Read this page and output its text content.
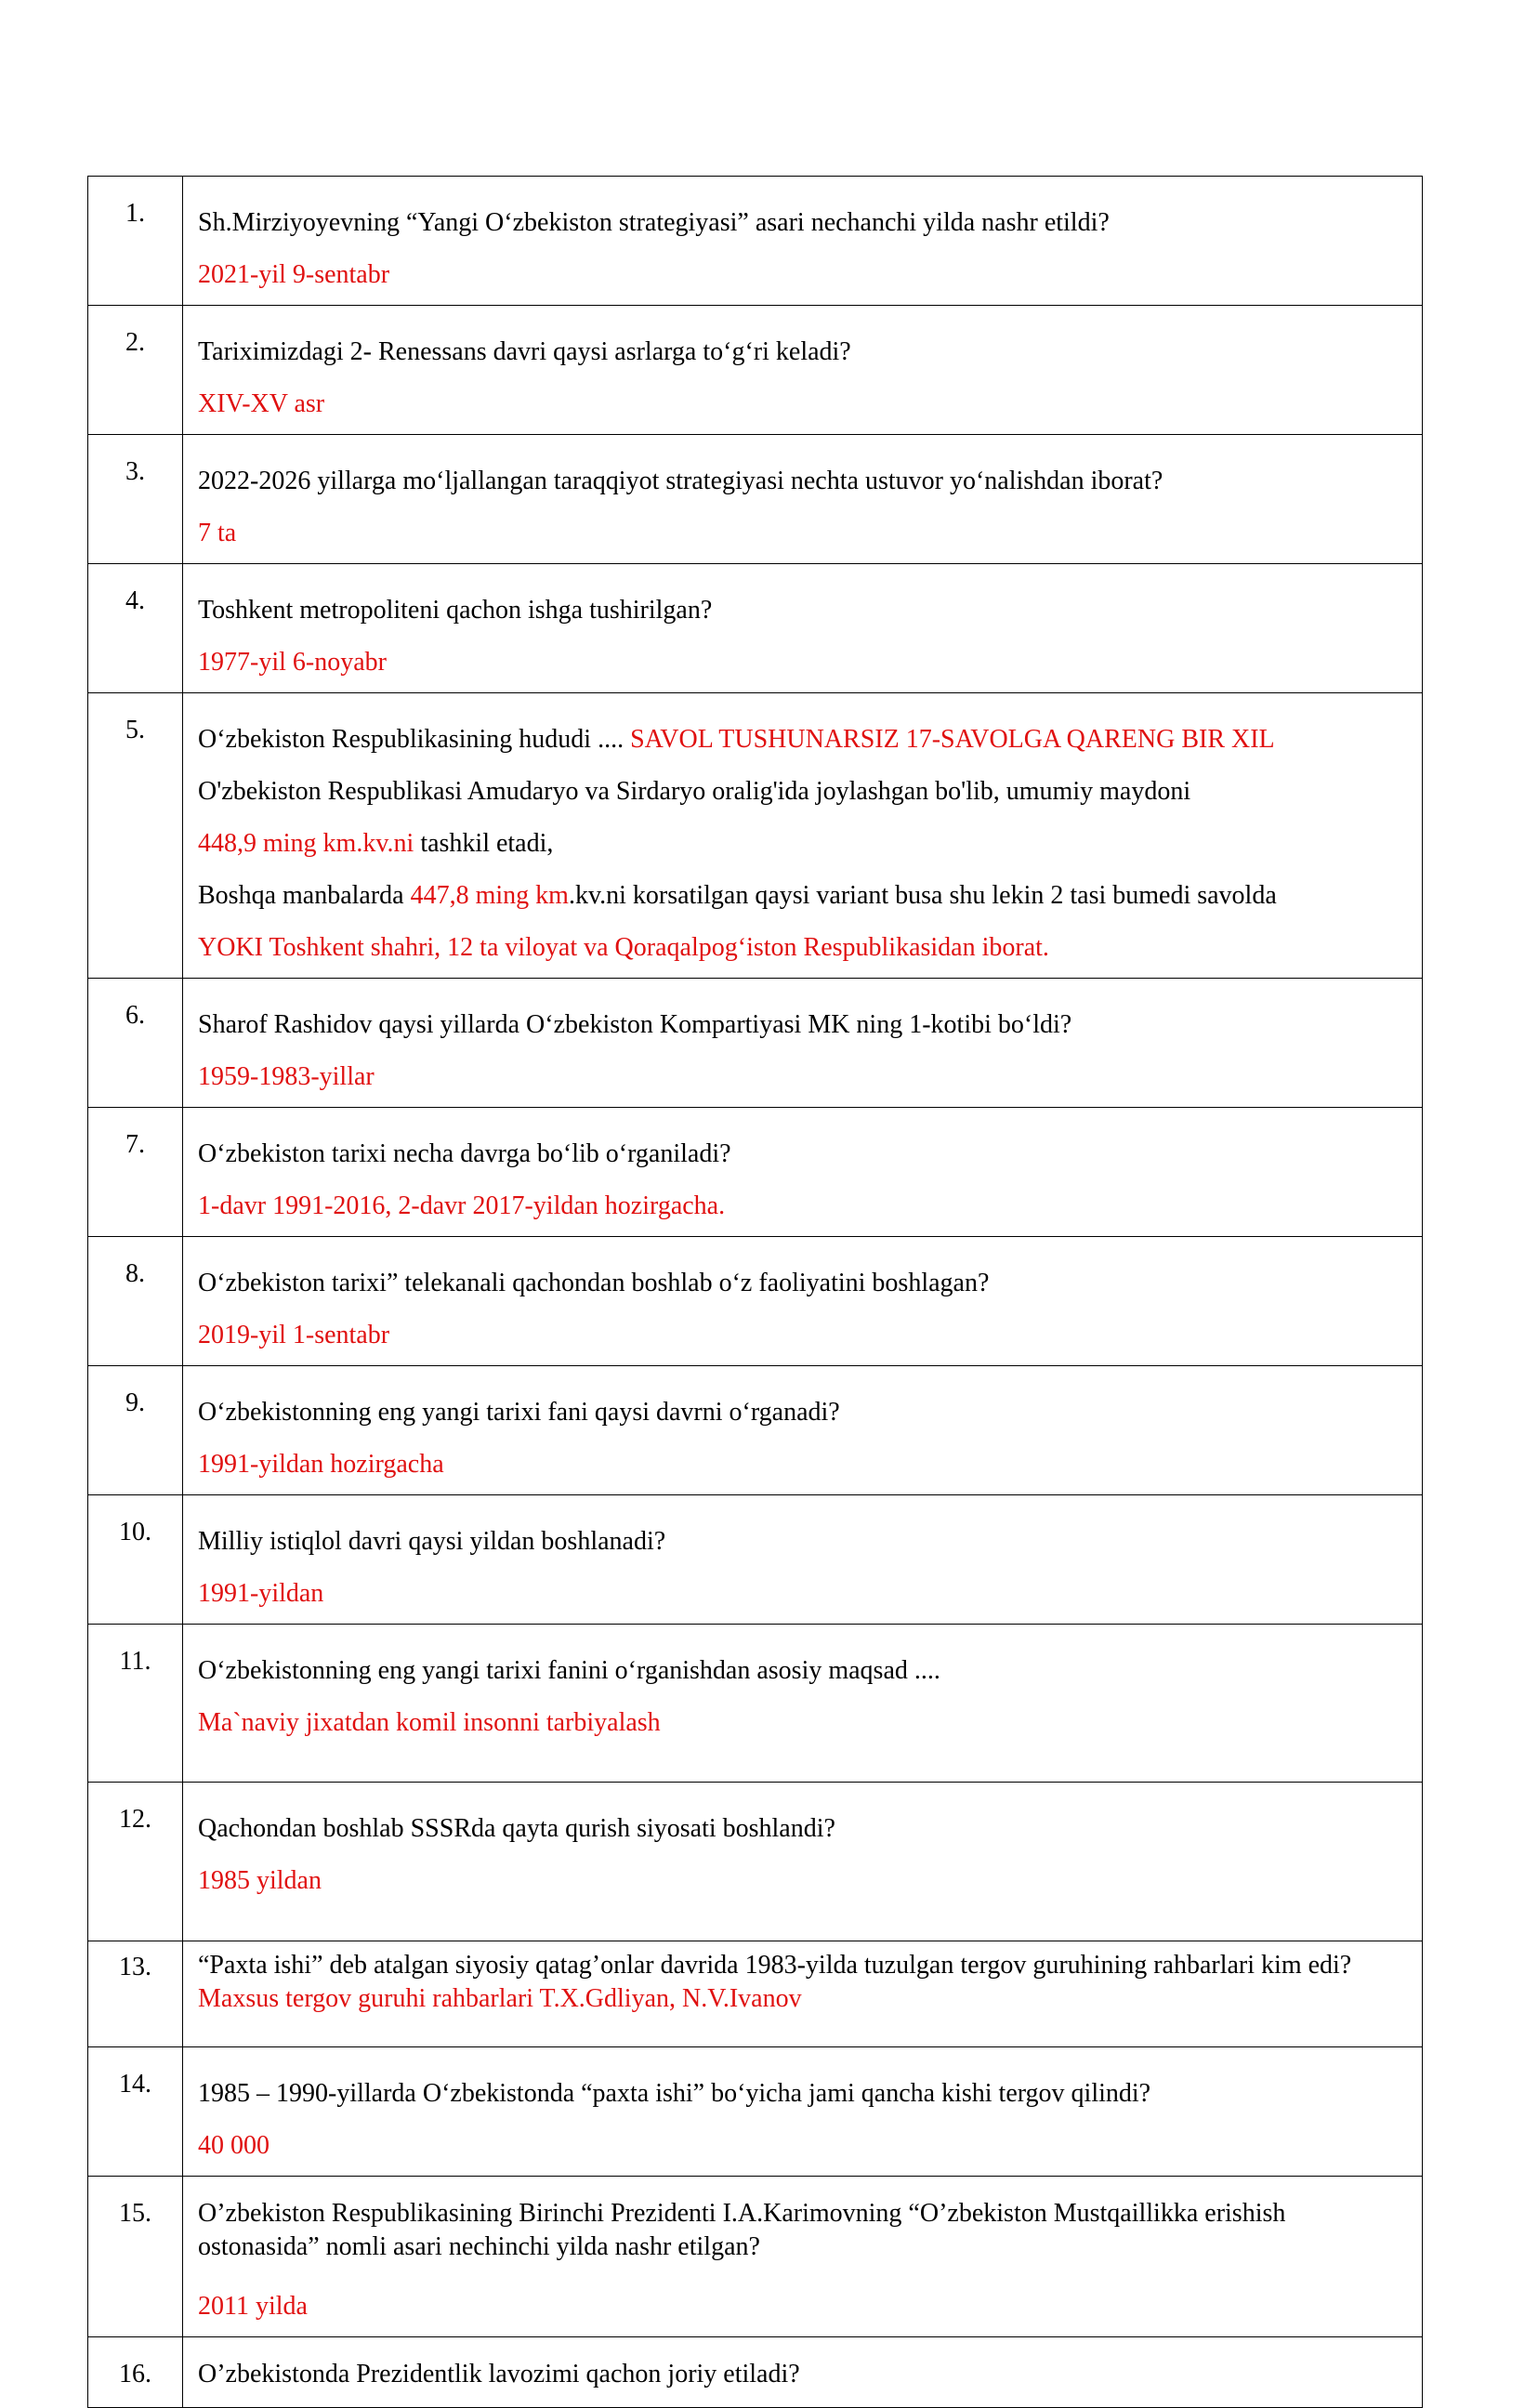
1.	Sh.Mirziyoyevning “Yangi O‘zbekiston strategiyasi” asari nechanchi yilda nashr etildi?
2021-yil 9-sentabr

2.	Tariximizdagi 2- Renessans davri qaysi asrlarga to‘g‘ri keladi?
XIV-XV asr

3.	2022-2026 yillarga mo‘ljallangan taraqqiyot strategiyasi nechta ustuvor yo‘nalishdan iborat?
7 ta

4.	Toshkent metropoliteni qachon ishga tushirilgan?
1977-yil 6-noyabr

5.	O‘zbekiston Respublikasining hududi .... SAVOL TUSHUNARSIZ 17-SAVOLGA QARENG BIR XIL
O'zbekiston Respublikasi Amudaryo va Sirdaryo oralig'ida joylashgan bo'lib, umumiy maydoni
448,9 ming km.kv.ni tashkil etadi,
Boshqa manbalarda 447,8 ming km.kv.ni korsatilgan qaysi variant busa shu lekin 2 tasi bumedi savolda
YOKI Toshkent shahri, 12 ta viloyat va Qoraqalpog‘iston Respublikasidan iborat.

6.	Sharof Rashidov qaysi yillarda O‘zbekiston Kompartiyasi MK ning 1-kotibi bo‘ldi?
1959-1983-yillar

7.	O‘zbekiston tarixi necha davrga bo‘lib o‘rganiladi?
1-davr 1991-2016, 2-davr 2017-yildan hozirgacha.

8.	O‘zbekiston tarixi” telekanali qachondan boshlab o‘z faoliyatini boshlagan?
2019-yil 1-sentabr

9.	O‘zbekistonning eng yangi tarixi fani qaysi davrni o‘rganadi?
1991-yildan hozirgacha

10.	Milliy istiqlol davri qaysi yildan boshlanadi?
1991-yildan

11.	O‘zbekistonning eng yangi tarixi fanini o‘rganishdan asosiy maqsad ....
Ma`naviy jixatdan komil insonni tarbiyalash

12.	Qachondan boshlab SSSRda qayta qurish siyosati boshlandi?
1985 yildan

13.	“Paxta ishi” deb atalgan siyosiy qatag’onlar davrida 1983-yilda tuzulgan tergov guruhining rahbarlari kim edi?
Maxsus tergov guruhi rahbarlari T.X.Gdliyan, N.V.Ivanov

14.	1985 – 1990-yillarda O‘zbekistonda “paxta ishi” bo‘yicha jami qancha kishi tergov qilindi?
40 000

15.	O’zbekiston Respublikasining Birinchi Prezidenti I.A.Karimovning “O’zbekiston Mustqaillikka erishish ostonasida” nomli asari nechinchi yilda nashr etilgan?
2011 yilda

16.	O’zbekistonda Prezidentlik lavozimi qachon joriy etiladi?
